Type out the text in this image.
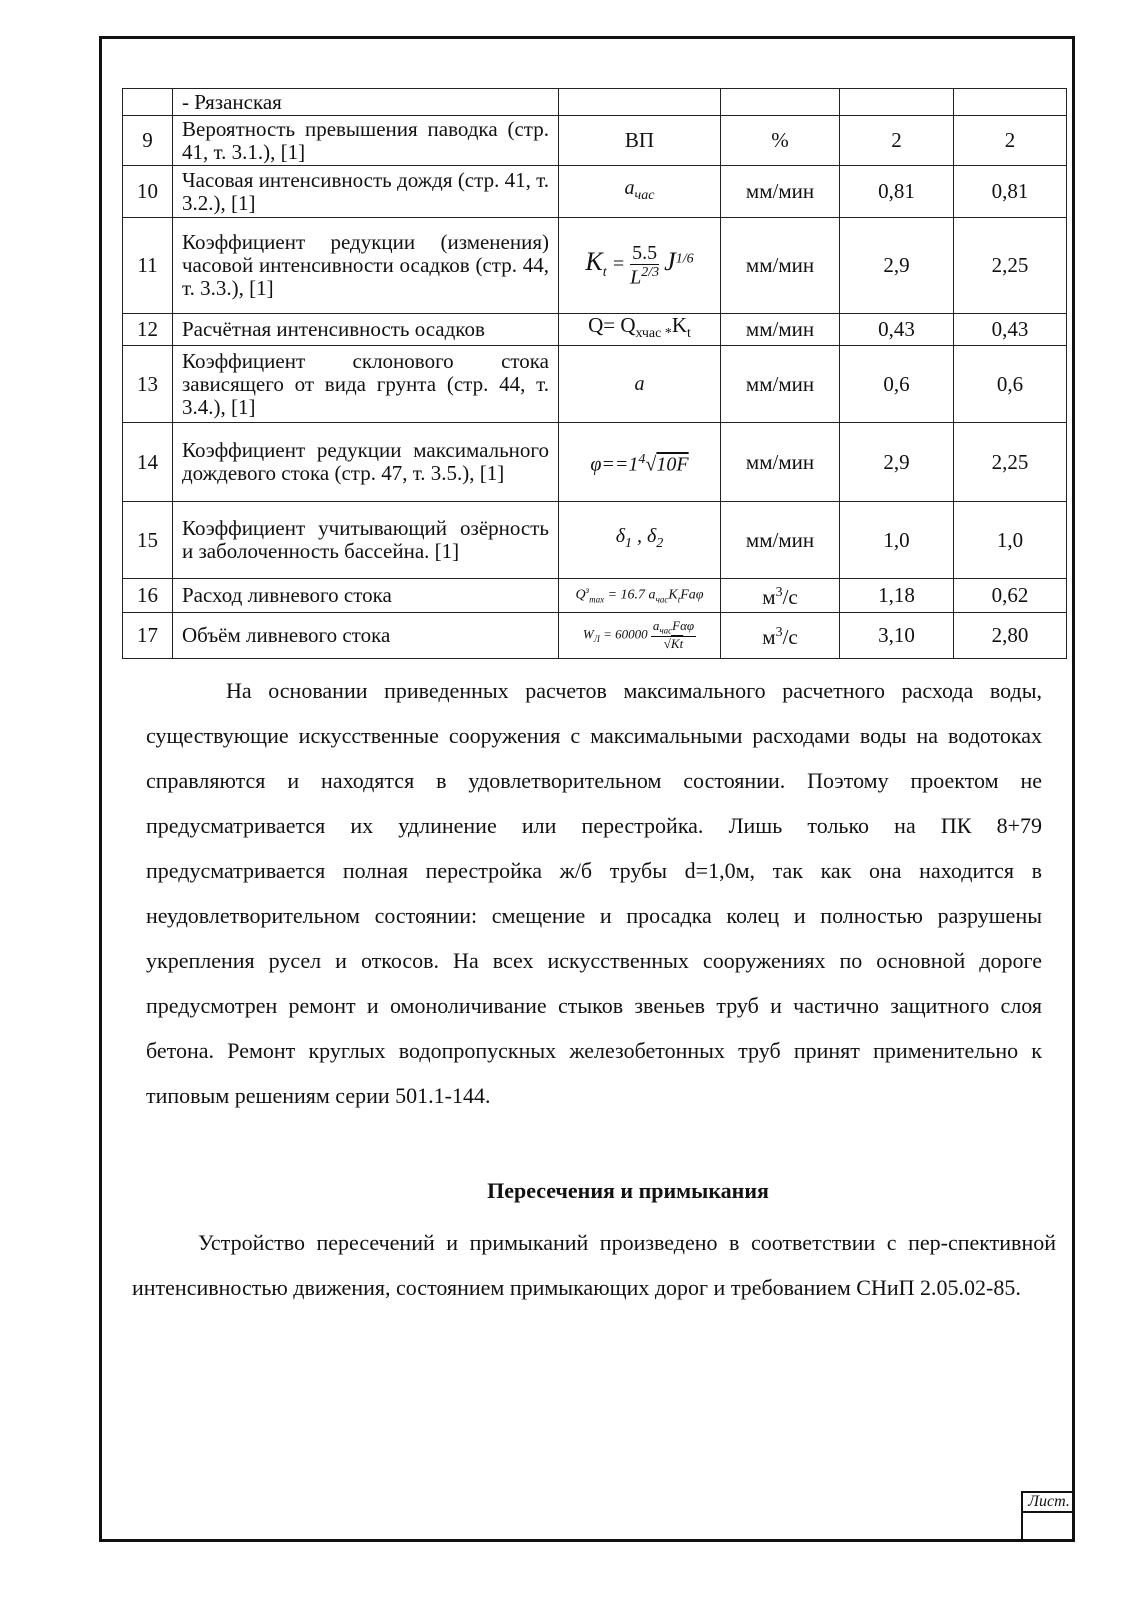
	- Рязанская				
9	Вероятность превышения паводка (стр. 41, т. 3.1.), [1]	ВП	%	2	2
10	Часовая интенсивность дождя (стр. 41, т. 3.2.), [1]	$a_{час}$	мм/мин	0,81	0,81
11	Коэффициент редукции (изменения) часовой интенсивности осадков (стр. 44, т. 3.3.), [1]	$K_t = \frac{5.5}{L^{2/3}} J^{1/6}$	мм/мин	2,9	2,25
12	Расчётная интенсивность осадков	$Q= Q_{хчас *}K_t$	мм/мин	0,43	0,43
13	Коэффициент склонового стока зависящего от вида грунта (стр. 44, т. 3.4.), [1]	a	мм/мин	0,6	0,6
14	Коэффициент редукции максимального дождевого стока (стр. 47, т. 3.5.), [1]	$\varphi==1^4√10F$	мм/мин	2,9	2,25
15	Коэффициент учитывающий озёрность и заболоченность бассейна. [1]	$\delta_1$ , $\delta_2$	мм/мин	1,0	1,0
16	Расход ливневого стока	$Q^з_{max} = 16.7$ $a_{час}K_tFa\varphi$	$м^3/с$	1,18	0,62
17	Объём ливневого стока	$W_Л = 60000 \frac{a_{час}F\alpha\varphi}{√Kt}$	$м^3/с$	3,10	2,80
На основании приведенных расчетов максимального расчетного расхода воды, существующие искусственные сооружения с максимальными расходами воды на водотоках справляются и находятся в удовлетворительном состоянии. Поэтому проектом не предусматривается их удлинение или перестройка. Лишь только на ПК 8+79 предусматривается полная перестройка ж/б трубы d=1,0м, так как она находится в неудовлетворительном состоянии: смещение и просадка колец и полностью разрушены укрепления русел и откосов. На всех искусственных сооружениях по основной дороге предусмотрен ремонт и омоноличивание стыков звеньев труб и частично защитного слоя бетона. Ремонт круглых водопропускных железобетонных труб принят применительно к типовым решениям серии 501.1-144.
Пересечения и примыкания
Устройство пересечений и примыканий произведено в соответствии с пер-спективной интенсивностью движения, состоянием примыкающих дорог и требованием СНиП 2.05.02-85.
Лист.
